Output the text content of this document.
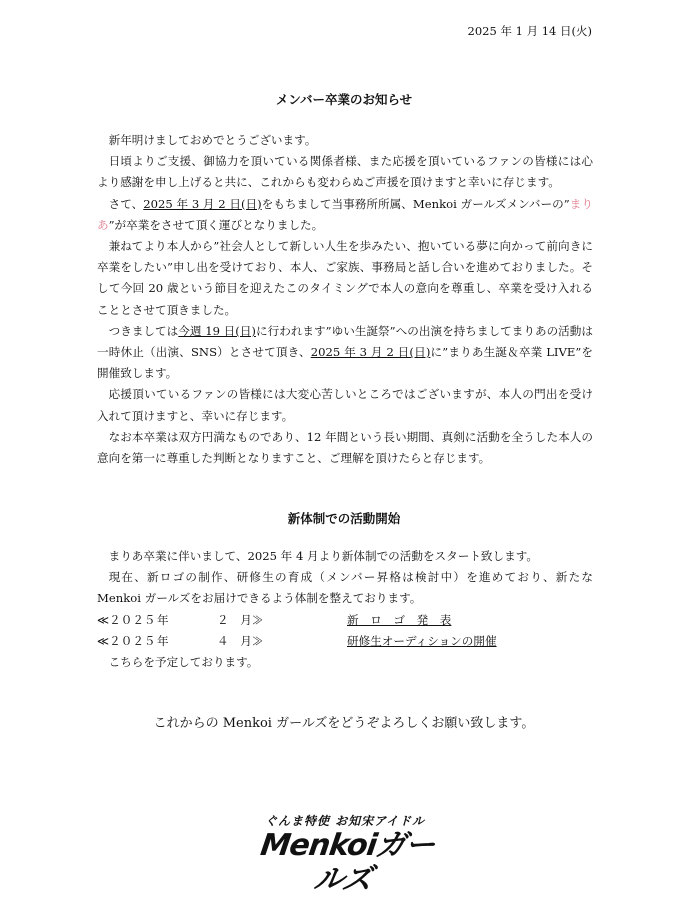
2025 年 1 月 14 日(火)
メンバー卒業のお知らせ

新年明けましておめでとうございます。

日頃よりご支援、御協力を頂いている関係者様、また応援を頂いているファンの皆様には心より感謝を申し上げると共に、これからも変わらぬご声援を頂けますと幸いに存じます。

さて、2025 年 3 月 2 日(日)をもちまして当事務所所属、Menkoi ガールズメンバーの”まりあ”が卒業をさせて頂く運びとなりました。

兼ねてより本人から”社会人として新しい人生を歩みたい、抱いている夢に向かって前向きに卒業をしたい”申し出を受けており、本人、ご家族、事務局と話し合いを進めておりました。そして今回 20 歳という節目を迎えたこのタイミングで本人の意向を尊重し、卒業を受け入れることとさせて頂きました。

つきましては今週 19 日(日)に行われます”ゆい生誕祭”への出演を持ちましてまりあの活動は一時休止（出演、SNS）とさせて頂き、2025 年 3 月 2 日(日)に”まりあ生誕＆卒業 LIVE”を開催致します。

応援頂いているファンの皆様には大変心苦しいところではございますが、本人の門出を受け入れて頂けますと、幸いに存じます。

なお本卒業は双方円満なものであり、12 年間という長い期間、真剣に活動を全うした本人の意向を第一に尊重した判断となりますこと、ご理解を頂けたらと存じます。

新体制での活動開始

まりあ卒業に伴いまして、2025 年 4 月より新体制での活動をスタート致します。

現在、新ロゴの制作、研修生の育成（メンバー昇格は検討中）を進めており、新たな Menkoi ガールズをお届けできるよう体制を整えております。

≪２０２５ 年	２　月≫	新　ロ　ゴ　発　表
≪２０２５ 年	４　月≫	研修生オーディションの開催

こちらを予定しております。

これからの Menkoi ガールズをどうぞよろしくお願い致します。
ぐんま特使 お知宋アイドル
Menkoiガールズ
